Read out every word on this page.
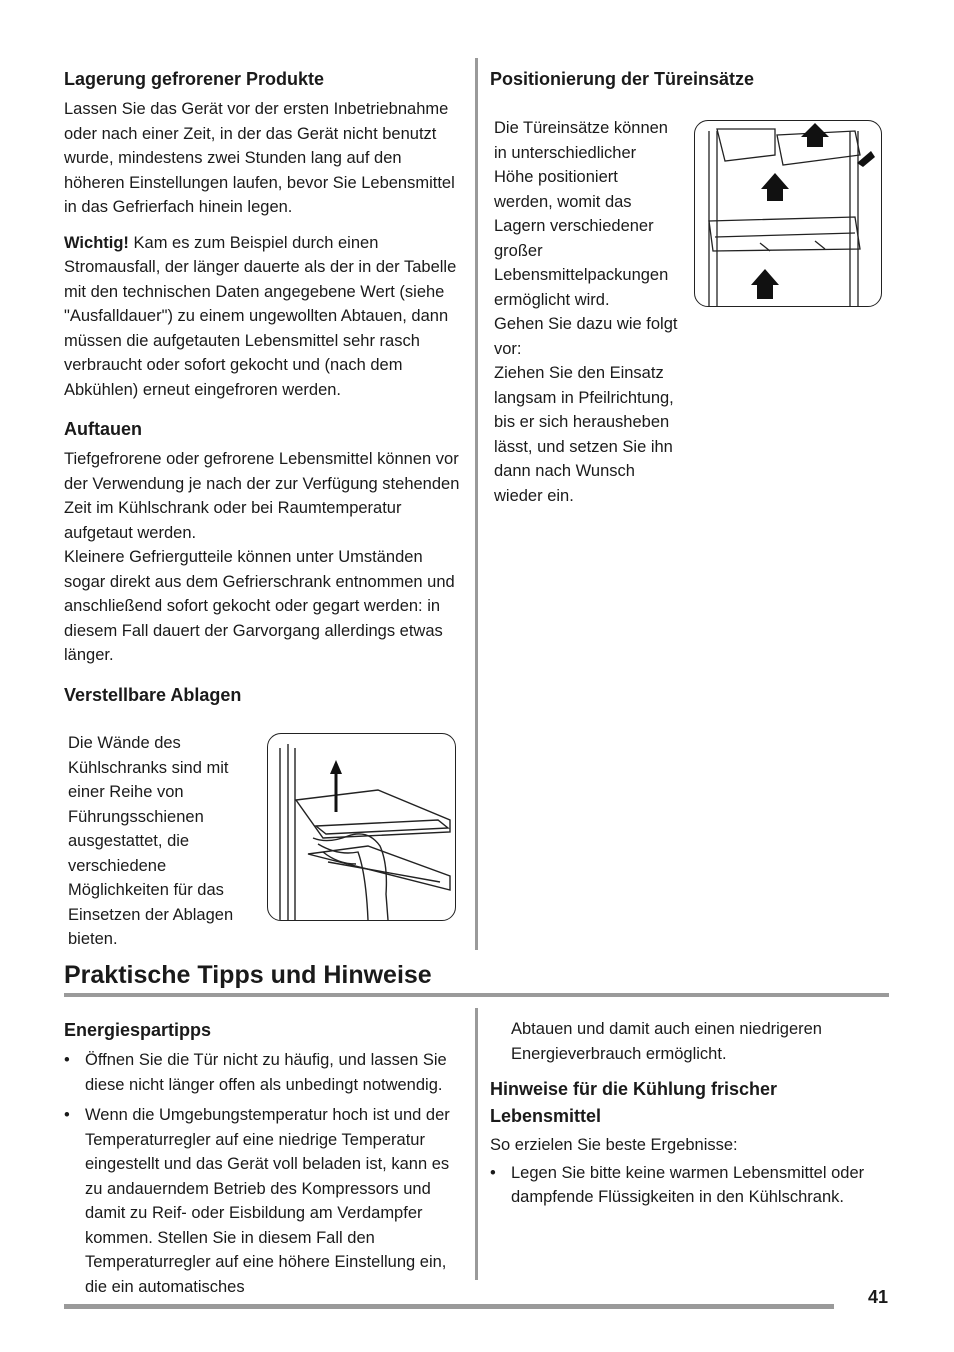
Lagerung gefrorener Produkte

Lassen Sie das Gerät vor der ersten Inbetriebnahme oder nach einer Zeit, in der das Gerät nicht benutzt wurde, mindestens zwei Stunden lang auf den höheren Einstellungen laufen, bevor Sie Lebensmittel in das Gefrierfach hinein legen.

Wichtig! Kam es zum Beispiel durch einen Stromausfall, der länger dauerte als der in der Tabelle mit den technischen Daten angegebene Wert (siehe "Ausfalldauer") zu einem ungewollten Abtauen, dann müssen die aufgetauten Lebensmittel sehr rasch verbraucht oder sofort gekocht und (nach dem Abkühlen) erneut eingefroren werden.

Auftauen

Tiefgefrorene oder gefrorene Lebensmittel können vor der Verwendung je nach der zur Verfügung stehenden Zeit im Kühlschrank oder bei Raumtemperatur aufgetaut werden.

Kleinere Gefriergutteile können unter Umständen sogar direkt aus dem Gefrierschrank entnommen und anschließend sofort gekocht oder gegart werden: in diesem Fall dauert der Garvorgang allerdings etwas länger.

Verstellbare Ablagen

Die Wände des Kühlschranks sind mit einer Reihe von Führungsschienen ausgestattet, die verschiedene Möglichkeiten für das Einsetzen der Ablagen bieten.

Positionierung der Türeinsätze

Die Türeinsätze können in unterschiedlicher Höhe positioniert werden, womit das Lagern verschiedener großer Lebensmittelpackungen ermöglicht wird.

Gehen Sie dazu wie folgt vor:

Ziehen Sie den Einsatz langsam in Pfeilrichtung, bis er sich herausheben lässt, und setzen Sie ihn dann nach Wunsch wieder ein.

Praktische Tipps und Hinweise
Energiespartipps
• Öffnen Sie die Tür nicht zu häufig, und lassen Sie diese nicht länger offen als unbedingt notwendig.
• Wenn die Umgebungstemperatur hoch ist und der Temperaturregler auf eine niedrige Temperatur eingestellt und das Gerät voll beladen ist, kann es zu andauerndem Betrieb des Kompressors und damit zu Reif- oder Eisbildung am Verdampfer kommen. Stellen Sie in diesem Fall den Temperaturregler auf eine höhere Einstellung ein, die ein automatisches

Abtauen und damit auch einen niedrigeren Energieverbrauch ermöglicht.

Hinweise für die Kühlung frischer Lebensmittel

So erzielen Sie beste Ergebnisse:

• Legen Sie bitte keine warmen Lebensmittel oder dampfende Flüssigkeiten in den Kühlschrank.
41
